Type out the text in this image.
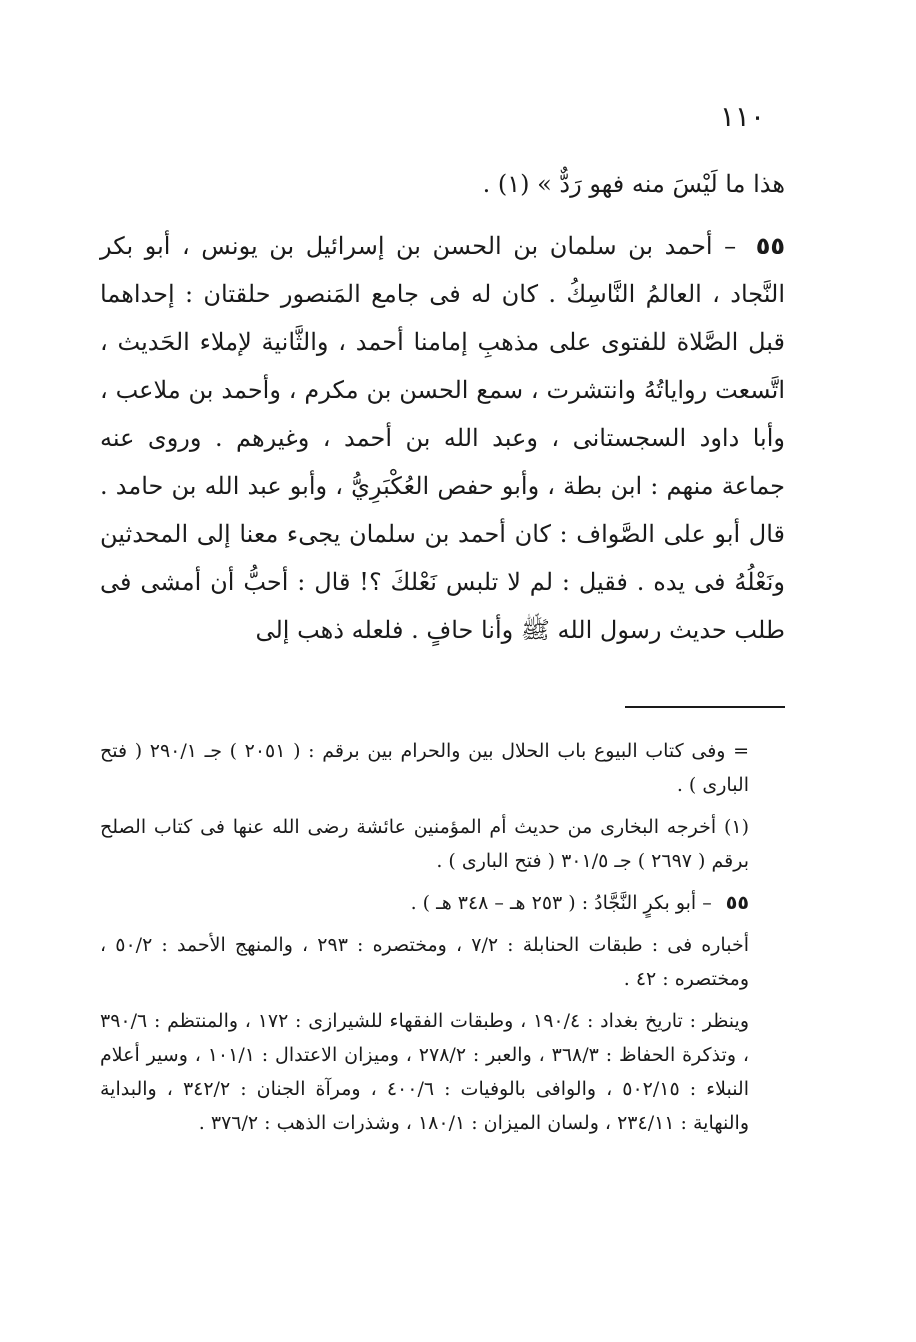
١١٠

هذا ما لَيْسَ منه فهو رَدٌّ » (١) .

٥٥ – أحمد بن سلمان بن الحسن بن إسرائيل بن يونس ، أبو بكر النَّجاد ، العالمُ النَّاسِكُ . كان له فى جامع المَنصور حلقتان : إحداهما قبل الصَّلاة للفتوى على مذهبِ إمامنا أحمد ، والثَّانية لإملاء الحَديث ، اتَّسعت رواياتُهُ وانتشرت ، سمع الحسن بن مكرم ، وأحمد بن ملاعب ، وأبا داود السجستانى ، وعبد الله بن أحمد ، وغيرهم . وروى عنه جماعة منهم : ابن بطة ، وأبو حفص العُكْبَرِيُّ ، وأبو عبد الله بن حامد . قال أبو على الصَّواف : كان أحمد بن سلمان يجىء معنا إلى المحدثين ونَعْلُهُ فى يده . فقيل : لم لا تلبس نَعْلكَ ؟! قال : أحبُّ أن أمشى فى طلب حديث رسول الله ﷺ وأنا حافٍ . فلعله ذهب إلى

= وفى كتاب البيوع باب الحلال بين والحرام بين برقم : ( ٢٠٥١ ) جـ ٢٩٠/١ ( فتح البارى ) .

(١) أخرجه البخارى من حديث أم المؤمنين عائشة رضى الله عنها فى كتاب الصلح برقم ( ٢٦٩٧ ) جـ ٣٠١/٥ ( فتح البارى ) .

٥٥ – أبو بكرٍ النَّجَّادُ : ( ٢٥٣ هـ – ٣٤٨ هـ ) .

أخباره فى : طبقات الحنابلة : ٧/٢ ، ومختصره : ٢٩٣ ، والمنهج الأحمد : ٥٠/٢ ، ومختصره : ٤٢ .

وينظر : تاريخ بغداد : ١٩٠/٤ ، وطبقات الفقهاء للشيرازى : ١٧٢ ، والمنتظم : ٣٩٠/٦ ، وتذكرة الحفاظ : ٣٦٨/٣ ، والعبر : ٢٧٨/٢ ، وميزان الاعتدال : ١٠١/١ ، وسير أعلام النبلاء : ٥٠٢/١٥ ، والوافى بالوفيات : ٤٠٠/٦ ، ومرآة الجنان : ٣٤٢/٢ ، والبداية والنهاية : ٢٣٤/١١ ، ولسان الميزان : ١٨٠/١ ، وشذرات الذهب : ٣٧٦/٢ .
